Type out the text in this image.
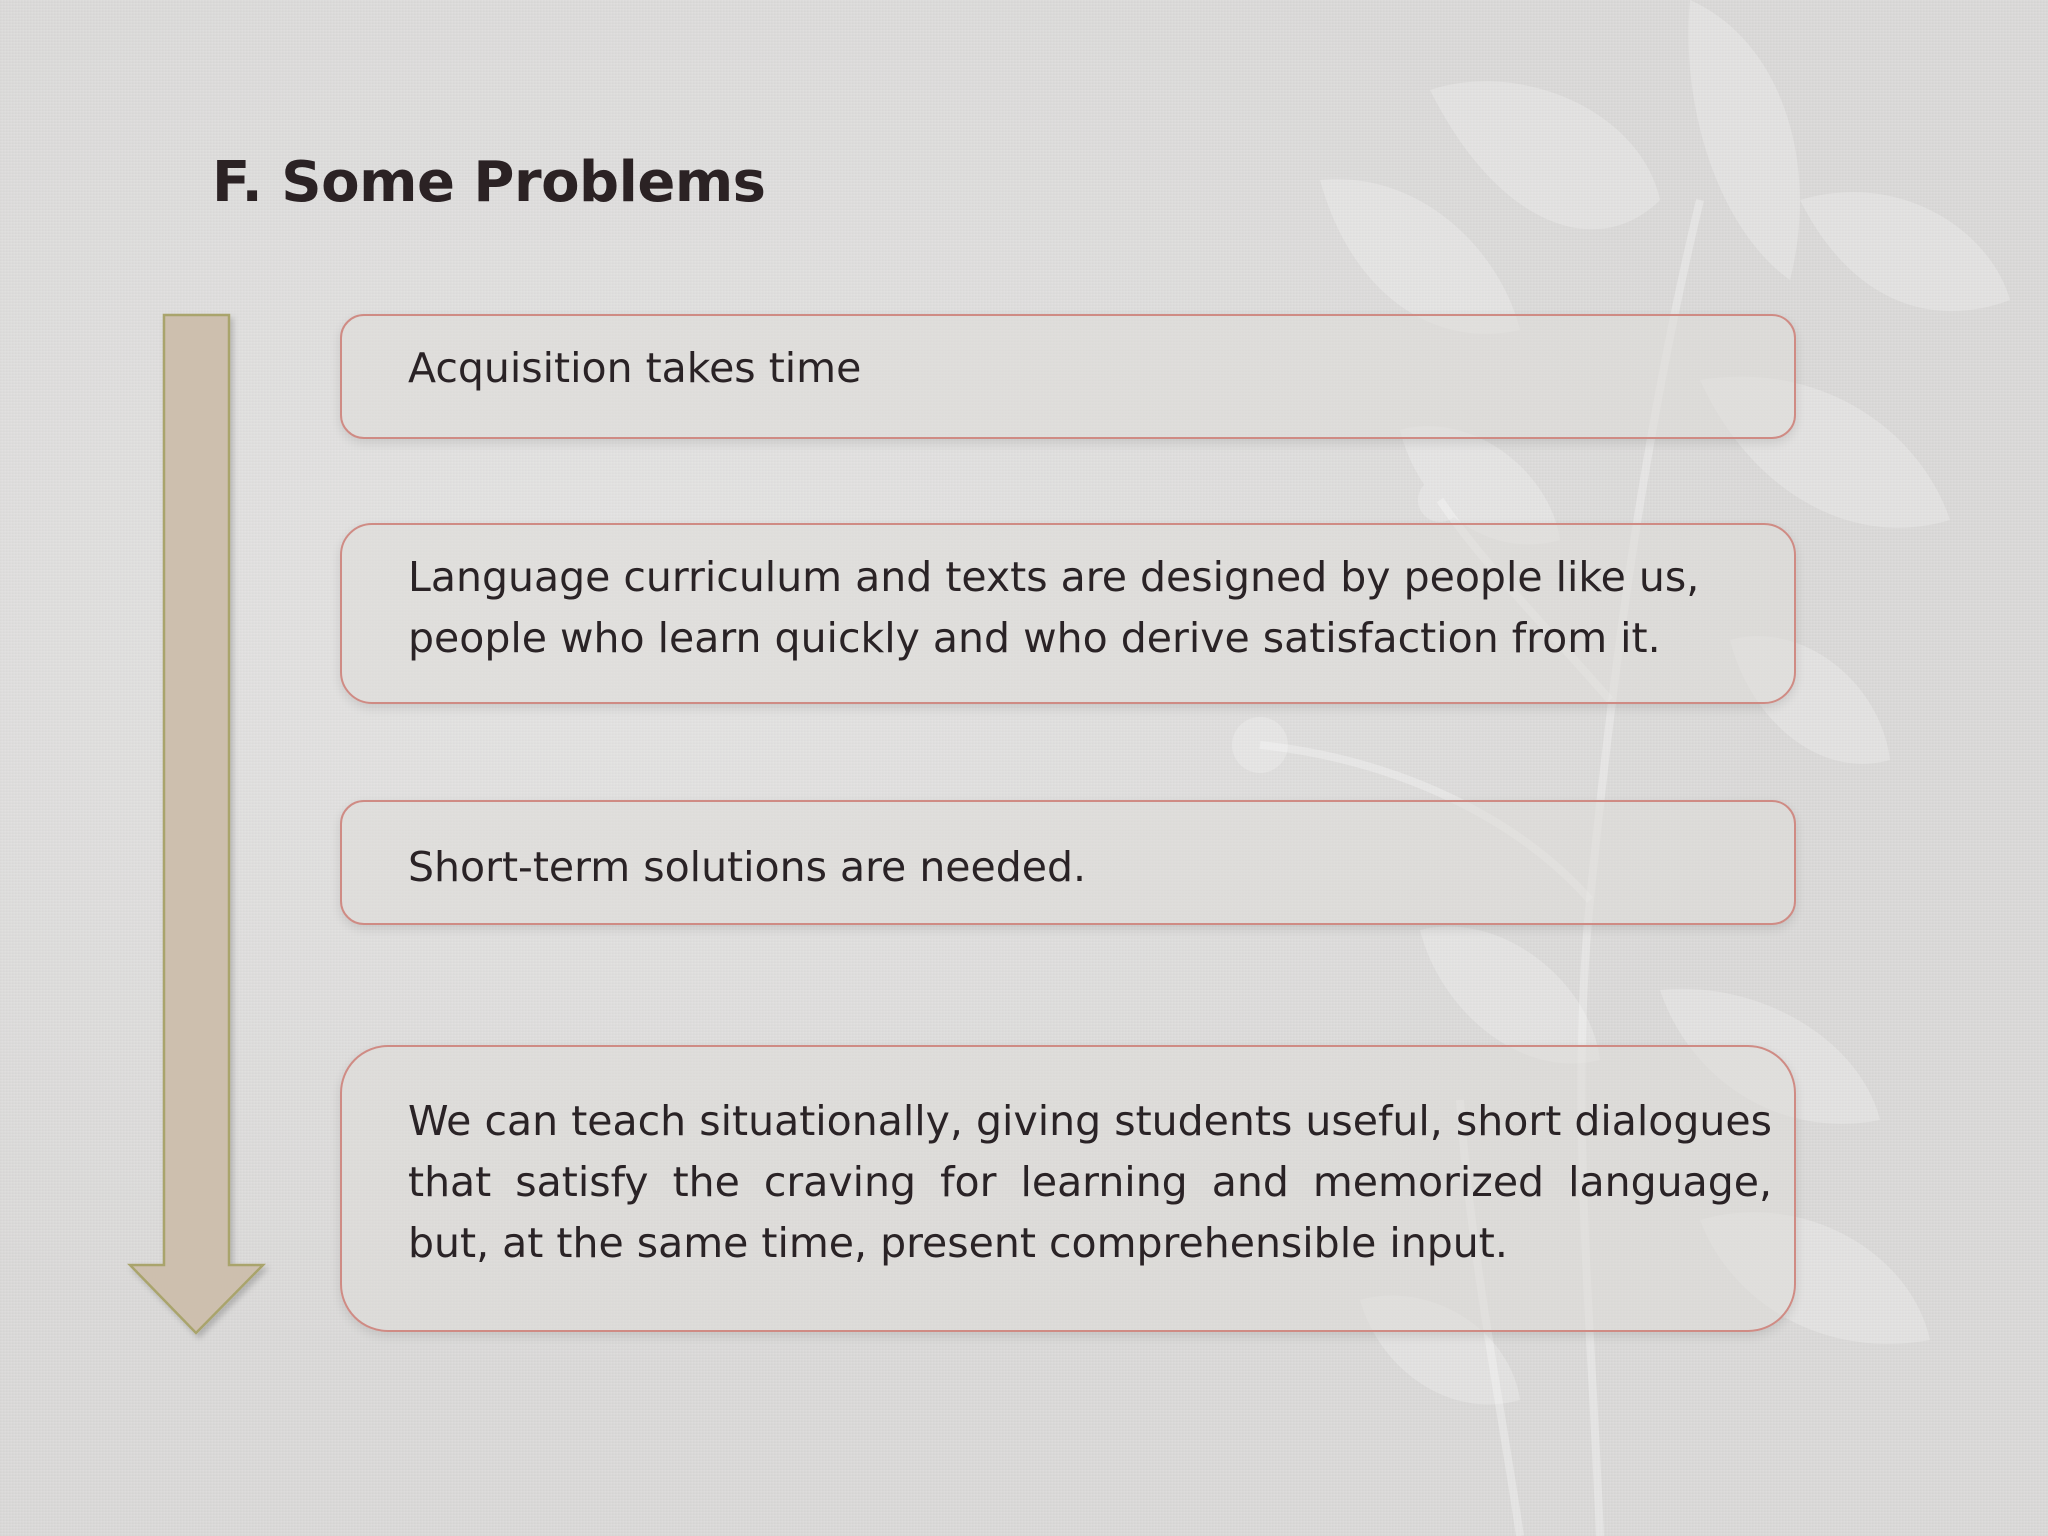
F. Some Problems
Acquisition takes time
Language curriculum and texts are designed by people like us, people who learn quickly and who derive satisfaction from it.
Short-term solutions are needed.
We can teach situationally, giving students useful, short dialogues that satisfy the craving for learning and memorized language, but, at the same time, present comprehensible input.
